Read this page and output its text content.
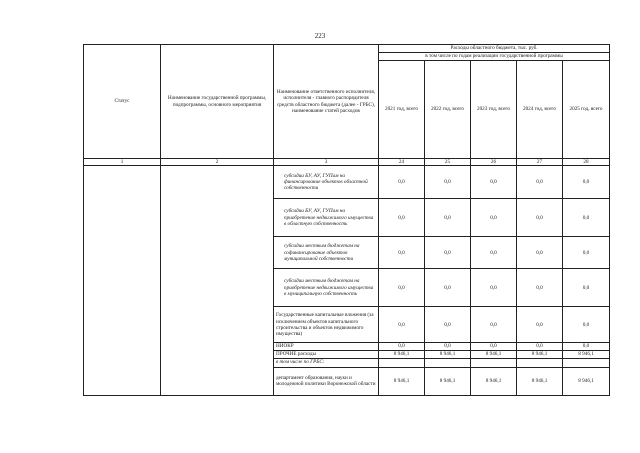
223
Статус	Наименование государственной программы, подпрограммы, основного мероприятия	Наименование ответственного исполнителя, исполнителя - главного распорядителя средств областного бюджета (далее - ГРБС), наименование статей расходов	Расходы областного бюджета, тыс. руб.				
			в том числе по годам реализации государственной программы				
			2021 год, всего	2022 год, всего	2023 год, всего	2024 год, всего	2025 год, всего
1	2	3	24	25	26	27	28
		субсидии БУ, АУ, ГУПам на финансирование объектов областной собственности	0,0	0,0	0,0	0,0	0,0
		субсидии БУ, АУ, ГУПам на приобретение недвижимого имущества в областную собственность	0,0	0,0	0,0	0,0	0,0
		субсидии местным бюджетам на софинансирование объектов муниципальной собственности	0,0	0,0	0,0	0,0	0,0
		субсидии местным бюджетам на приобретение недвижимого имущества в муниципальную собственность	0,0	0,0	0,0	0,0	0,0
		Государственные капитальные вложения (за исключением объектов капитального строительства и объектов недвижимого имущества)	0,0	0,0	0,0	0,0	0,0
		НИОКР	0,0	0,0	0,0	0,0	0,0
		ПРОЧИЕ расходы	8 946,1	8 946,1	8 946,1	8 946,1	8 946,1
		в том числе по ГРБС:					
		департамент образования, науки и молодежной политики Воронежской области	8 946,1	8 946,1	8 946,1	8 946,1	8 946,1
